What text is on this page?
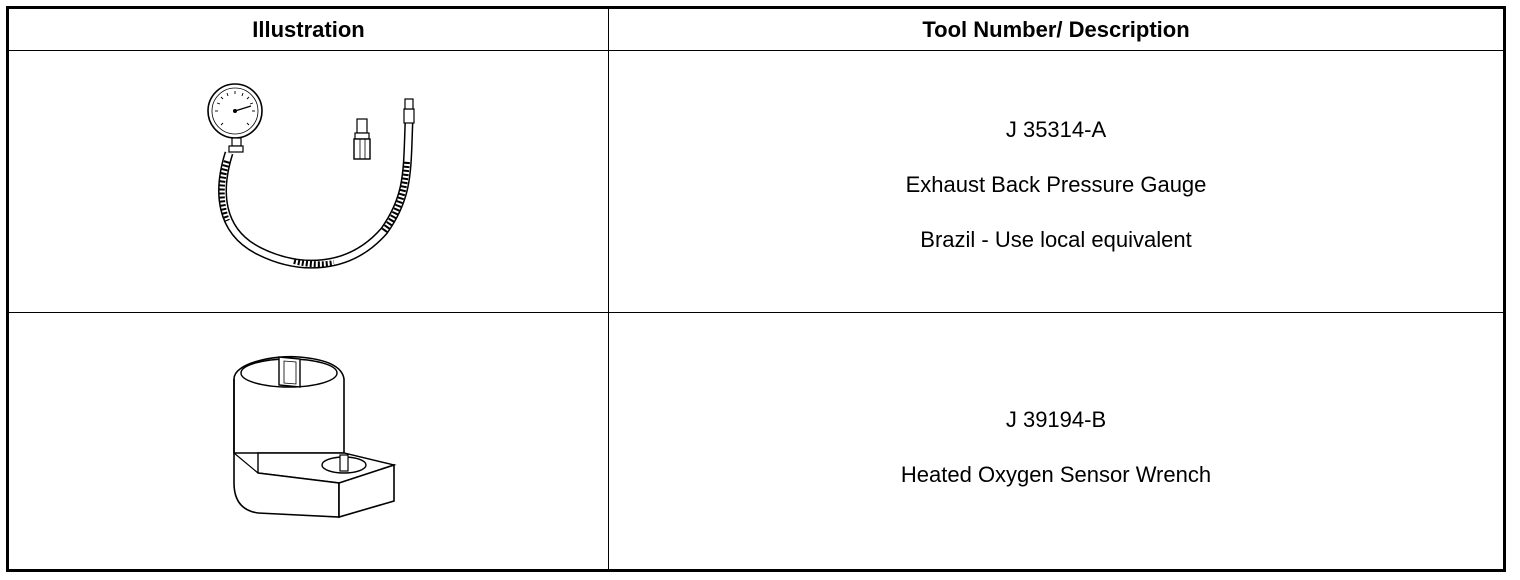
Illustration	Tool Number/ Description
J 35314-A
Exhaust Back Pressure Gauge
Brazil - Use local equivalent
J 39194-B
Heated Oxygen Sensor Wrench
